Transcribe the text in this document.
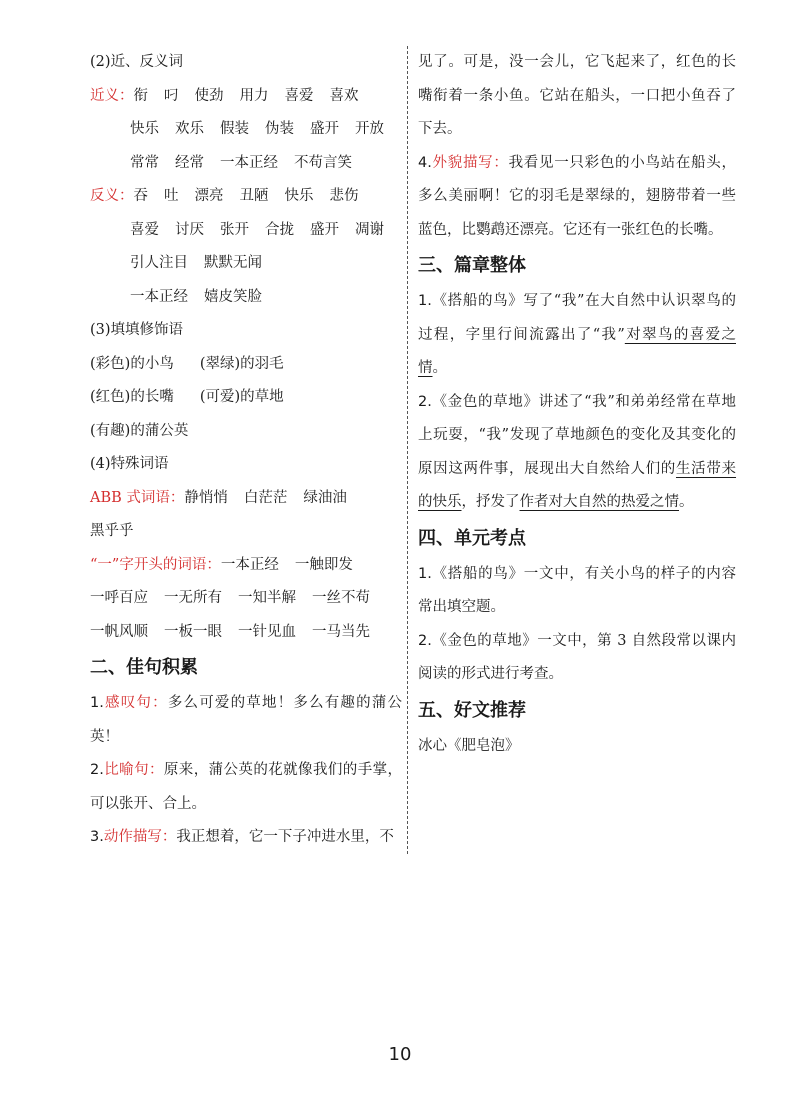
(2)近、反义词
近义：衔 叼 使劲 用力 喜爱 喜欢
快乐 欢乐 假装 伪装 盛开 开放
常常 经常 一本正经 不苟言笑
反义：吞 吐 漂亮 丑陋 快乐 悲伤
喜爱 讨厌 张开 合拢 盛开 凋谢
引人注目 默默无闻
一本正经 嬉皮笑脸
(3)填填修饰语
(彩色)的小鸟 (翠绿)的羽毛
(红色)的长嘴 (可爱)的草地
(有趣)的蒲公英
(4)特殊词语
ABB 式词语：静悄悄 白茫茫 绿油油
黑乎乎
“一”字开头的词语：一本正经 一触即发
一呼百应 一无所有 一知半解 一丝不苟
一帆风顺 一板一眼 一针见血 一马当先
二、佳句积累
1.感叹句：多么可爱的草地！多么有趣的蒲公英！
2.比喻句：原来，蒲公英的花就像我们的手掌，可以张开、合上。
3.动作描写：我正想着，它一下子冲进水里，不
见了。可是，没一会儿，它飞起来了，红色的长嘴衔着一条小鱼。它站在船头，一口把小鱼吞了下去。
4.外貌描写：我看见一只彩色的小鸟站在船头，多么美丽啊！它的羽毛是翠绿的，翅膀带着一些蓝色，比鹦鹉还漂亮。它还有一张红色的长嘴。
三、篇章整体
1.《搭船的鸟》写了“我”在大自然中认识翠鸟的过程，字里行间流露出了“我”对翠鸟的喜爱之情。
2.《金色的草地》讲述了“我”和弟弟经常在草地上玩耍，“我”发现了草地颜色的变化及其变化的原因这两件事，展现出大自然给人们的生活带来的快乐，抒发了作者对大自然的热爱之情。
四、单元考点
1.《搭船的鸟》一文中，有关小鸟的样子的内容常出填空题。
2.《金色的草地》一文中，第 3 自然段常以课内阅读的形式进行考查。
五、好文推荐
冰心《肥皂泡》
10
